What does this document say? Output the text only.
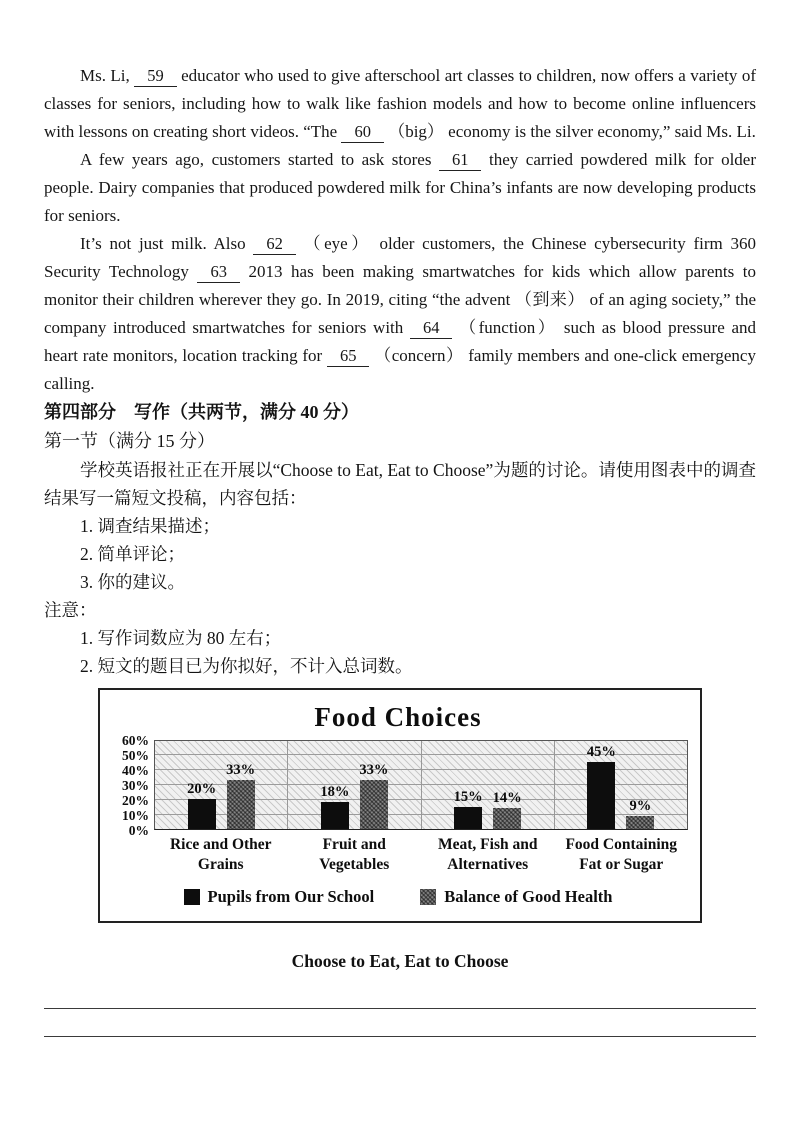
Ms. Li, 59 educator who used to give afterschool art classes to children, now offers a variety of classes for seniors, including how to walk like fashion models and how to become online influencers with lessons on creating short videos. “The 60 （big） economy is the silver economy,” said Ms. Li.

A few years ago, customers started to ask stores 61 they carried powdered milk for older people. Dairy companies that produced powdered milk for China’s infants are now developing products for seniors.

It’s not just milk. Also 62 （eye） older customers, the Chinese cybersecurity firm 360 Security Technology 63 2013 has been making smartwatches for kids which allow parents to monitor their children wherever they go. In 2019, citing “the advent （到来） of an aging society,” the company introduced smartwatches for seniors with 64 （function） such as blood pressure and heart rate monitors, location tracking for 65 （concern） family members and one-click emergency calling.

第四部分　写作（共两节，满分 40 分）
第一节（满分 15 分）
学校英语报社正在开展以“Choose to Eat, Eat to Choose”为题的讨论。请使用图表中的调查结果写一篇短文投稿，内容包括：
1. 调查结果描述；
2. 简单评论；
3. 你的建议。
注意：
1. 写作词数应为 80 左右；
2. 短文的题目已为你拟好，不计入总词数。
Food Choices
60%
50%
40%
30%
20%
10%
0%
20%
33%
18%
33%
15% 14%
45%
9%
Rice and Other
Grains
Fruit and
Vegetables
Meat, Fish and
Alternatives
Food Containing
Fat or Sugar
Pupils from Our School	Balance of Good Health
Choose to Eat, Eat to Choose
